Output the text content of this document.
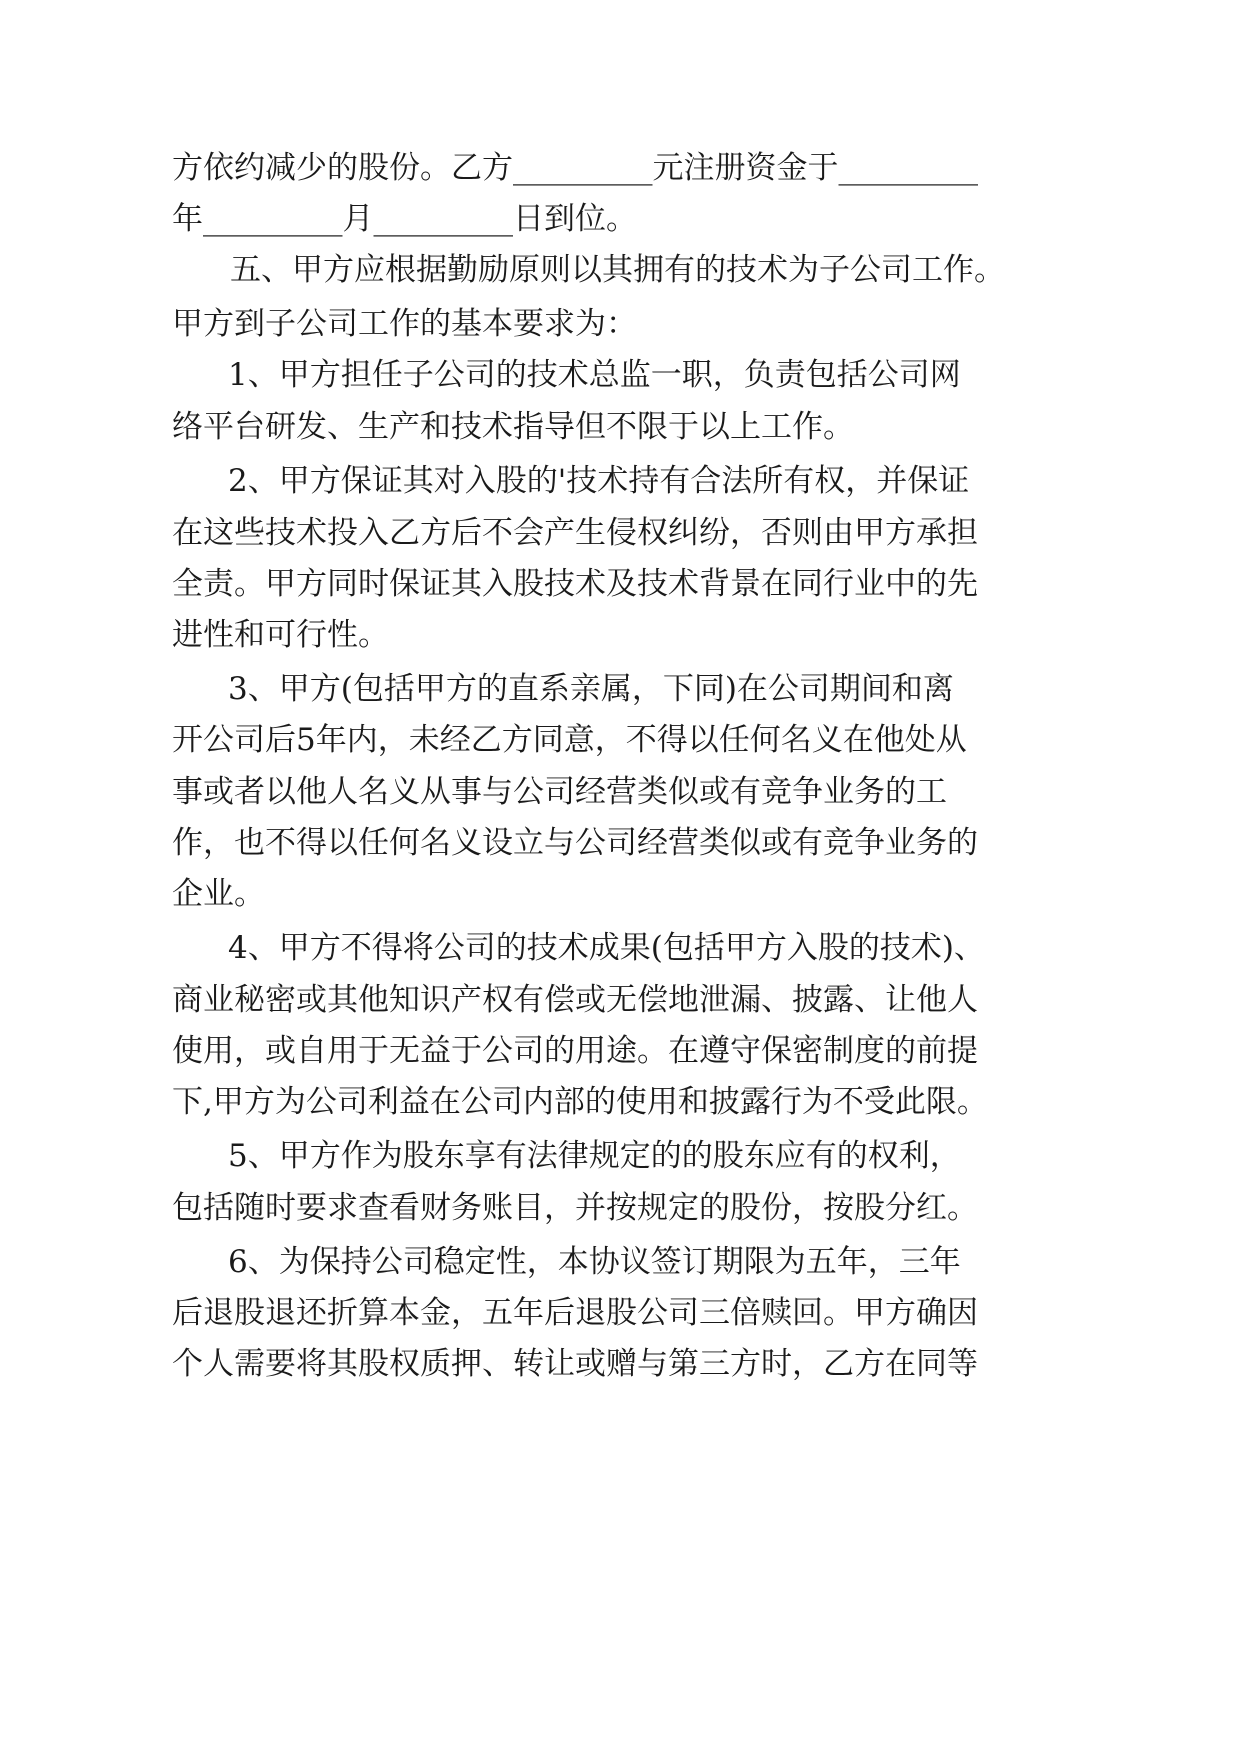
方依约减少的股份。乙方_________元注册资金于_________
年_________月_________日到位。
五、甲方应根据勤励原则以其拥有的技术为子公司工作。
甲方到子公司工作的基本要求为：
1、甲方担任子公司的技术总监一职，负责包括公司网
络平台研发、生产和技术指导但不限于以上工作。
2、甲方保证其对入股的'技术持有合法所有权，并保证
在这些技术投入乙方后不会产生侵权纠纷，否则由甲方承担
全责。甲方同时保证其入股技术及技术背景在同行业中的先
进性和可行性。
3、甲方(包括甲方的直系亲属，下同)在公司期间和离
开公司后5年内，未经乙方同意，不得以任何名义在他处从
事或者以他人名义从事与公司经营类似或有竞争业务的工
作，也不得以任何名义设立与公司经营类似或有竞争业务的
企业。
4、甲方不得将公司的技术成果(包括甲方入股的技术)、
商业秘密或其他知识产权有偿或无偿地泄漏、披露、让他人
使用，或自用于无益于公司的用途。在遵守保密制度的前提
下,甲方为公司利益在公司内部的使用和披露行为不受此限。
5、甲方作为股东享有法律规定的的股东应有的权利，
包括随时要求查看财务账目，并按规定的股份，按股分红。
6、为保持公司稳定性，本协议签订期限为五年，三年
后退股退还折算本金，五年后退股公司三倍赎回。甲方确因
个人需要将其股权质押、转让或赠与第三方时，乙方在同等
